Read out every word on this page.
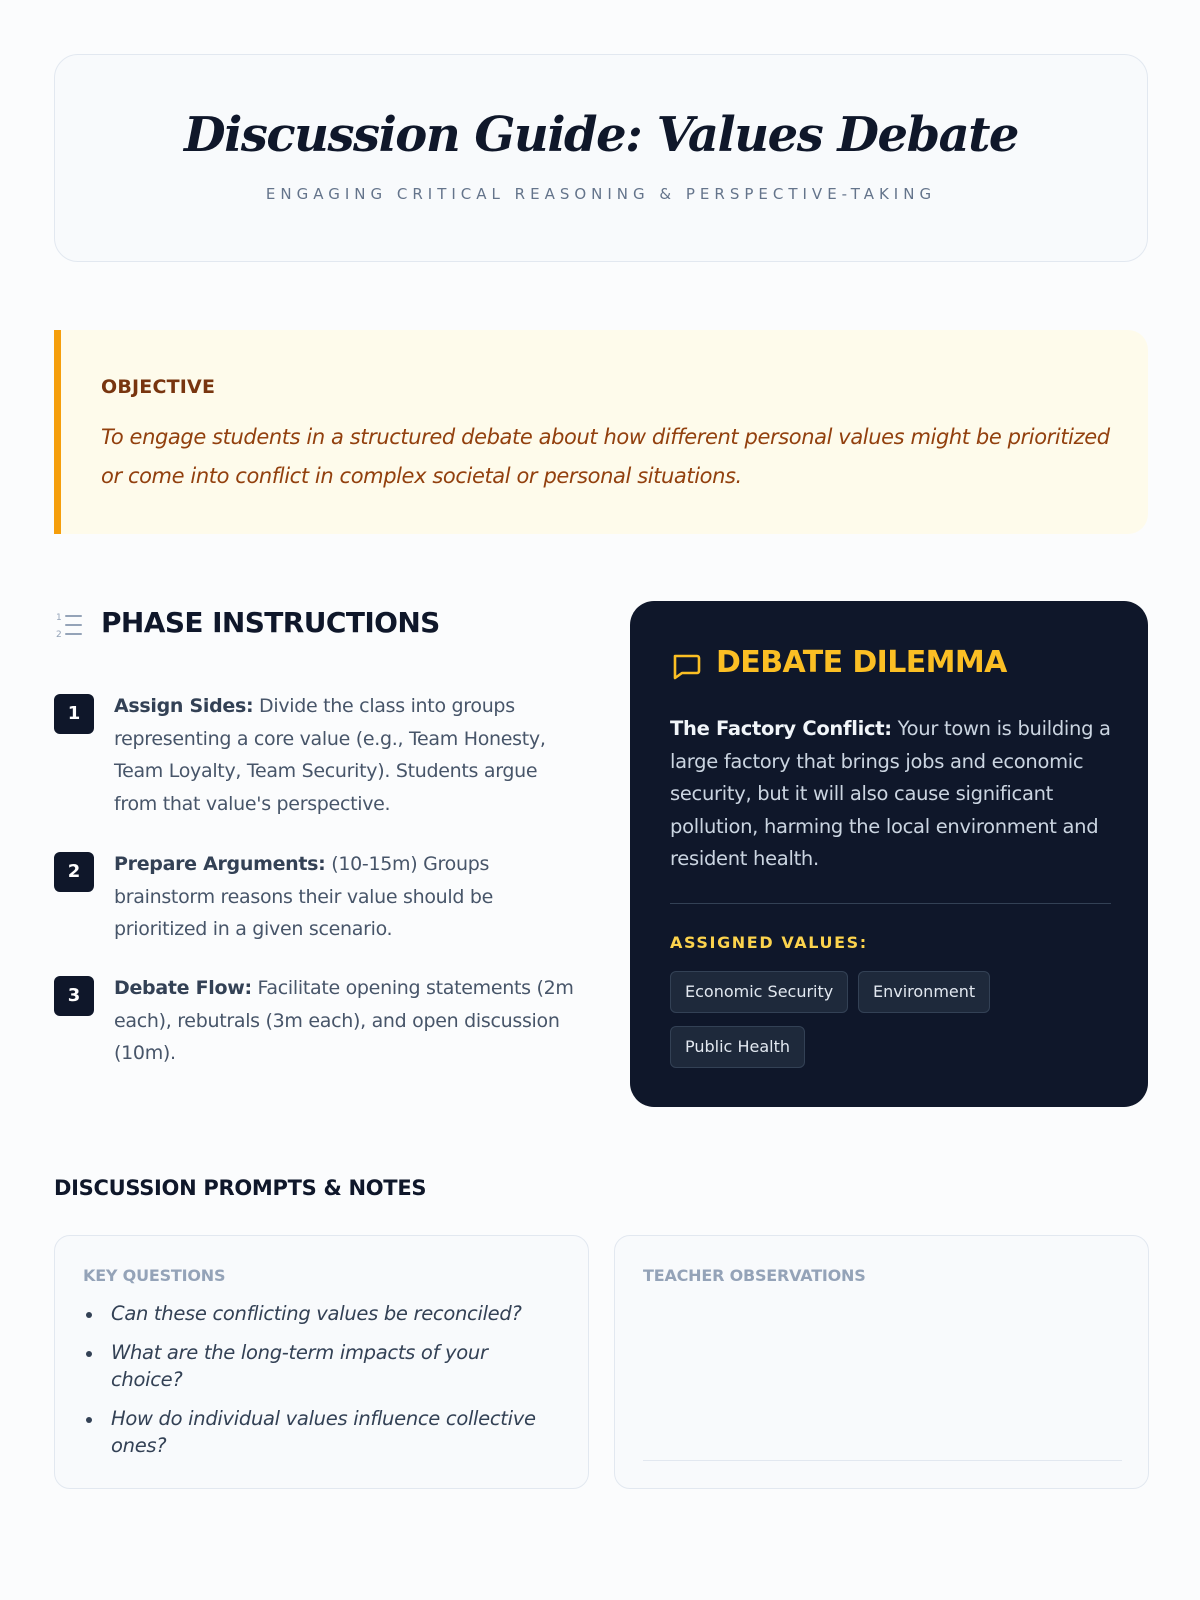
Discussion Guide: Values Debate
ENGAGING CRITICAL REASONING & PERSPECTIVE-TAKING
OBJECTIVE
To engage students in a structured debate about how different personal values might be prioritized or come into conflict in complex societal or personal situations.
1
2 PHASE INSTRUCTIONS
1	Assign Sides: Divide the class into groups representing a core value (e.g., Team Honesty, Team Loyalty, Team Security). Students argue from that value's perspective.
2	Prepare Arguments: (10-15m) Groups brainstorm reasons their value should be prioritized in a given scenario.
3	Debate Flow: Facilitate opening statements (2m each), rebutrals (3m each), and open discussion (10m).
DEBATE DILEMMA
The Factory Conflict: Your town is building a large factory that brings jobs and economic security, but it will also cause significant pollution, harming the local environment and resident health.
ASSIGNED VALUES:
Economic Security	Environment
Public Health
DISCUSSION PROMPTS & NOTES
KEY QUESTIONS
Can these conflicting values be reconciled?
What are the long-term impacts of your choice?
How do individual values influence collective ones?
TEACHER OBSERVATIONS
